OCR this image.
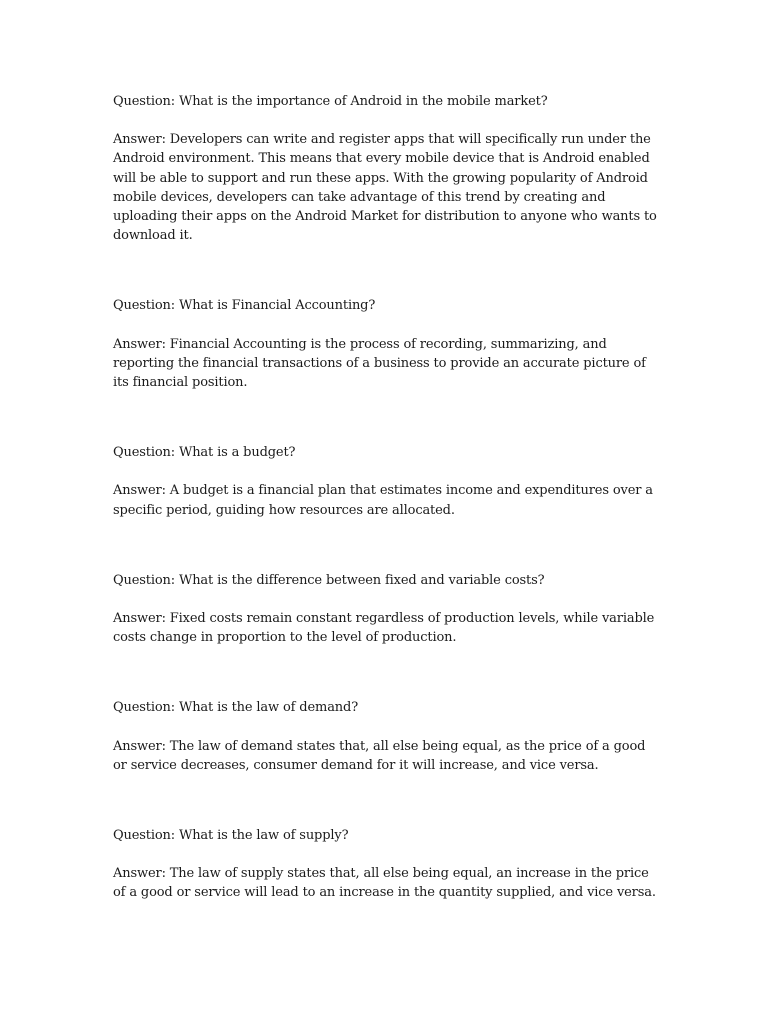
Question: What is the importance of Android in the mobile market?

Answer: Developers can write and register apps that will specifically run under the Android environment. This means that every mobile device that is Android enabled will be able to support and run these apps. With the growing popularity of Android mobile devices, developers can take advantage of this trend by creating and uploading their apps on the Android Market for distribution to anyone who wants to download it.

Question: What is Financial Accounting?

Answer: Financial Accounting is the process of recording, summarizing, and reporting the financial transactions of a business to provide an accurate picture of its financial position.

Question: What is a budget?

Answer: A budget is a financial plan that estimates income and expenditures over a specific period, guiding how resources are allocated.

Question: What is the difference between fixed and variable costs?

Answer: Fixed costs remain constant regardless of production levels, while variable costs change in proportion to the level of production.

Question: What is the law of demand?

Answer: The law of demand states that, all else being equal, as the price of a good or service decreases, consumer demand for it will increase, and vice versa.

Question: What is the law of supply?

Answer: The law of supply states that, all else being equal, an increase in the price of a good or service will lead to an increase in the quantity supplied, and vice versa.
